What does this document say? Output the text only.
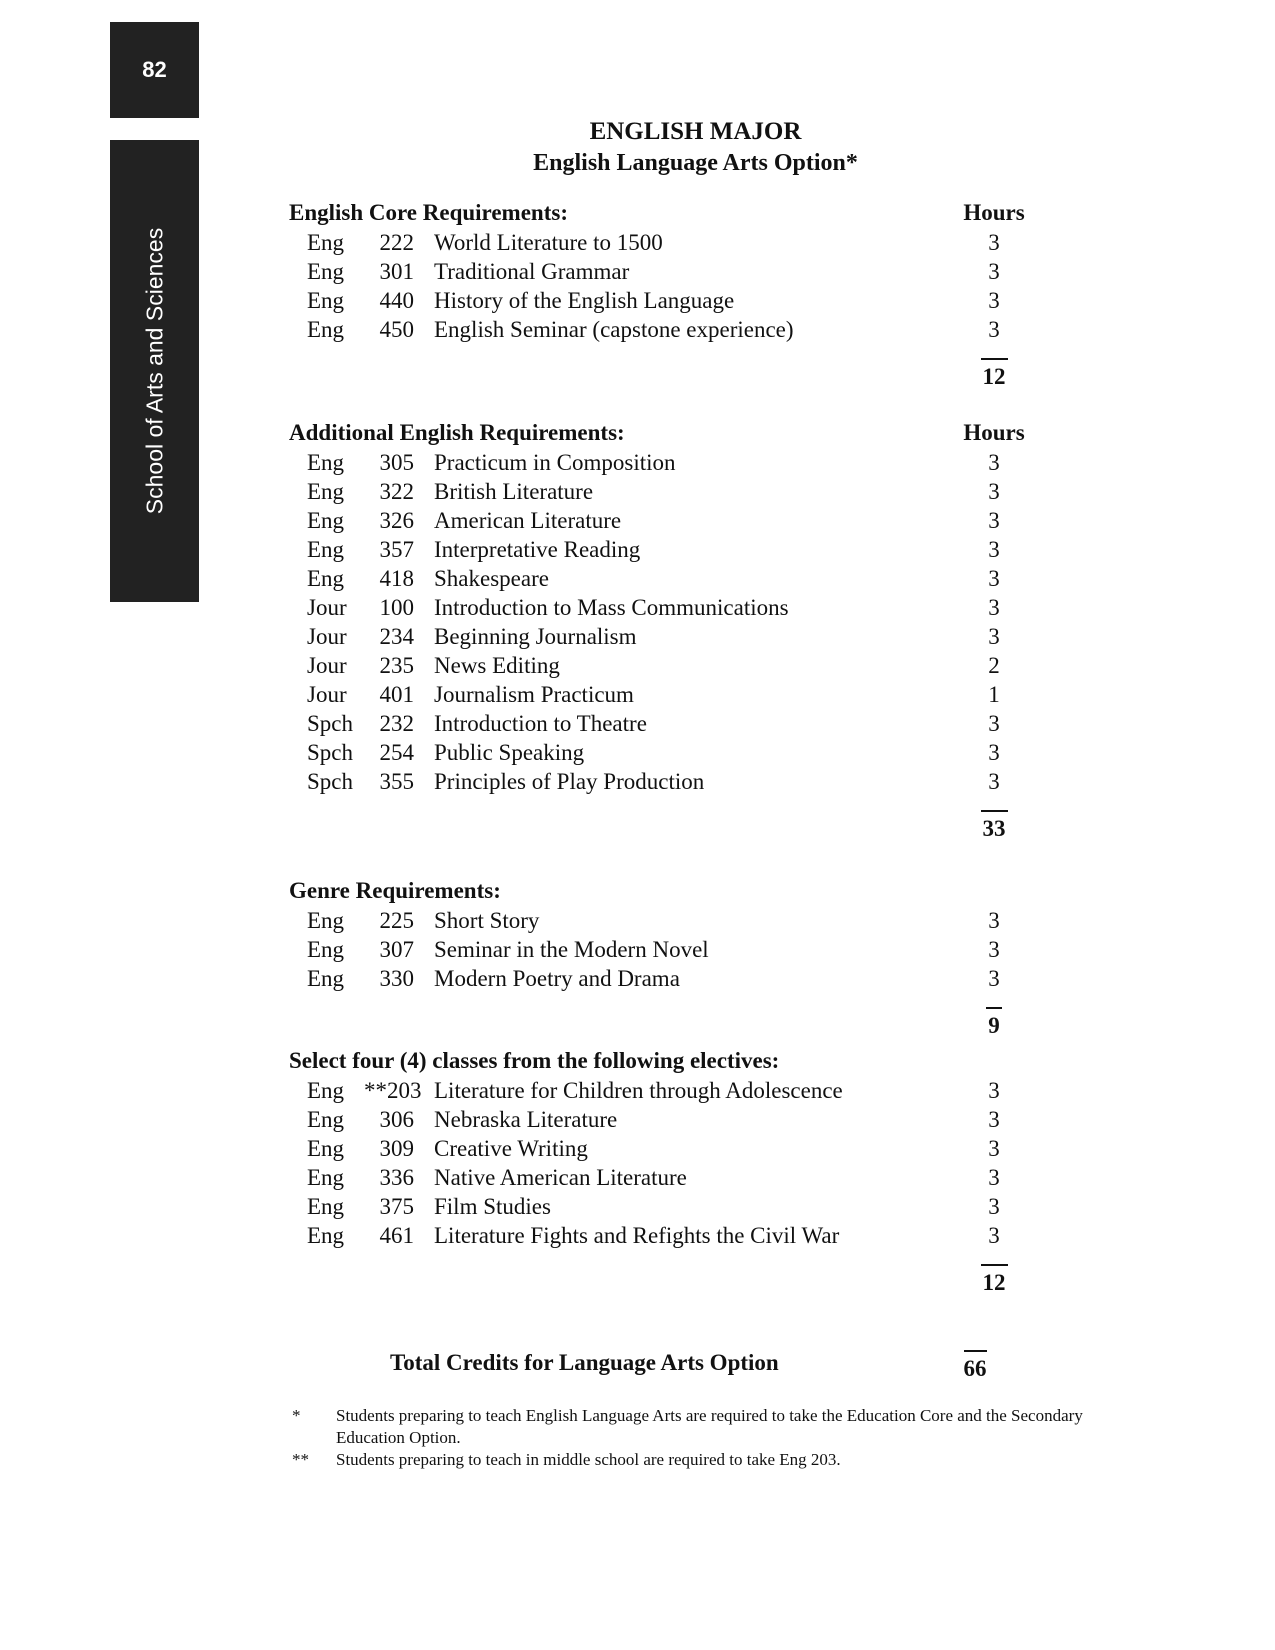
82
School of Arts and Sciences
ENGLISH MAJOR
English Language Arts Option*
English Core Requirements:	Hours
Eng	222 World Literature to 1500	3
Eng	301 Traditional Grammar	3
Eng	440 History of the English Language	3
Eng	450 English Seminar (capstone experience)	3
12
Additional English Requirements:	Hours
Eng	305 Practicum in Composition	3
Eng	322 British Literature	3
Eng	326 American Literature	3
Eng	357 Interpretative Reading	3
Eng	418 Shakespeare	3
Jour	100 Introduction to Mass Communications	3
Jour	234 Beginning Journalism	3
Jour	235 News Editing	2
Jour	401 Journalism Practicum	1
Spch	232 Introduction to Theatre	3
Spch	254 Public Speaking	3
Spch	355 Principles of Play Production	3
33
Genre Requirements:
Eng	225 Short Story	3
Eng	307 Seminar in the Modern Novel	3
Eng	330 Modern Poetry and Drama	3
9
Select four (4) classes from the following electives:
Eng **203 Literature for Children through Adolescence	3
Eng	306 Nebraska Literature	3
Eng	309 Creative Writing	3
Eng	336 Native American Literature	3
Eng	375 Film Studies	3
Eng	461 Literature Fights and Refights the Civil War	3
12
Total Credits for Language Arts Option	66
*	Students preparing to teach English Language Arts are required to take the Education Core and the Secondary Education Option.
**	Students preparing to teach in middle school are required to take Eng 203.
